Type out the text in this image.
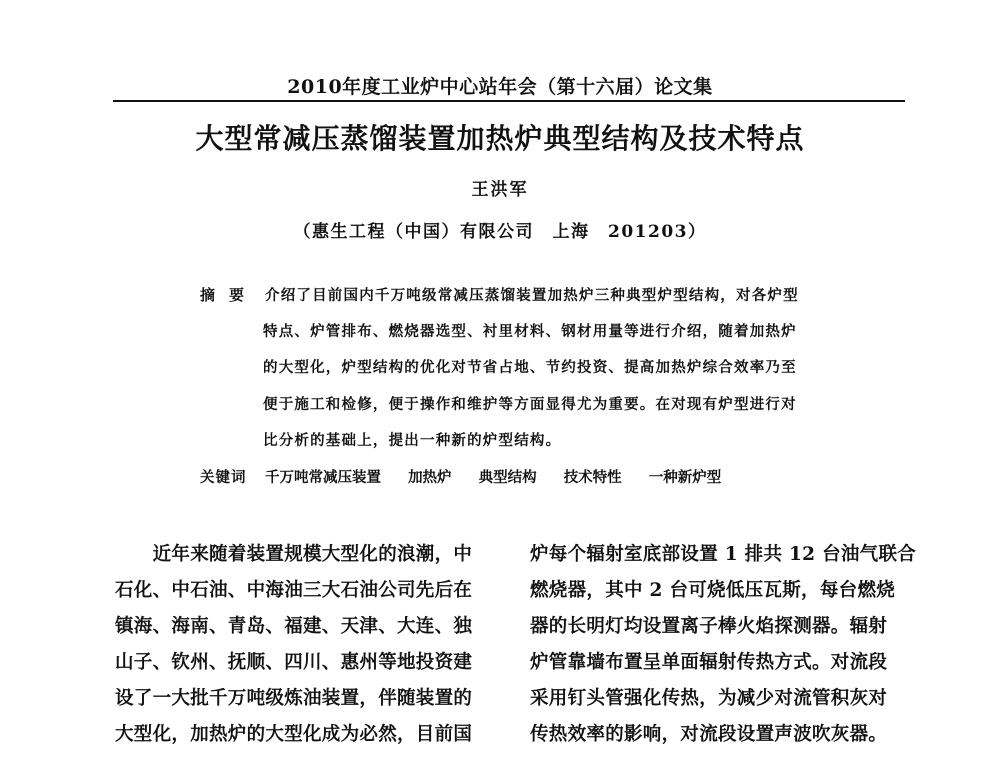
2010年度工业炉中心站年会（第十六届）论文集
大型常减压蒸馏装置加热炉典型结构及技术特点
王洪军
（惠生工程（中国）有限公司　上海　201203）
摘要 介绍了目前国内千万吨级常减压蒸馏装置加热炉三种典型炉型结构，对各炉型
特点、炉管排布、燃烧器选型、衬里材料、钢材用量等进行介绍，随着加热炉
的大型化，炉型结构的优化对节省占地、节约投资、提高加热炉综合效率乃至
便于施工和检修，便于操作和维护等方面显得尤为重要。在对现有炉型进行对
比分析的基础上，提出一种新的炉型结构。
关键词 千万吨常减压装置 加热炉 典型结构 技术特性 一种新炉型
　　近年来随着装置规模大型化的浪潮，中
石化、中石油、中海油三大石油公司先后在
镇海、海南、青岛、福建、天津、大连、独
山子、钦州、抚顺、四川、惠州等地投资建
设了一大批千万吨级炼油装置，伴随装置的
大型化，加热炉的大型化成为必然，目前国
炉每个辐射室底部设置 1 排共 12 台油气联合
燃烧器，其中 2 台可烧低压瓦斯，每台燃烧
器的长明灯均设置离子棒火焰探测器。辐射
炉管靠墙布置呈单面辐射传热方式。对流段
采用钉头管强化传热，为减少对流管积灰对
传热效率的影响，对流段设置声波吹灰器。
